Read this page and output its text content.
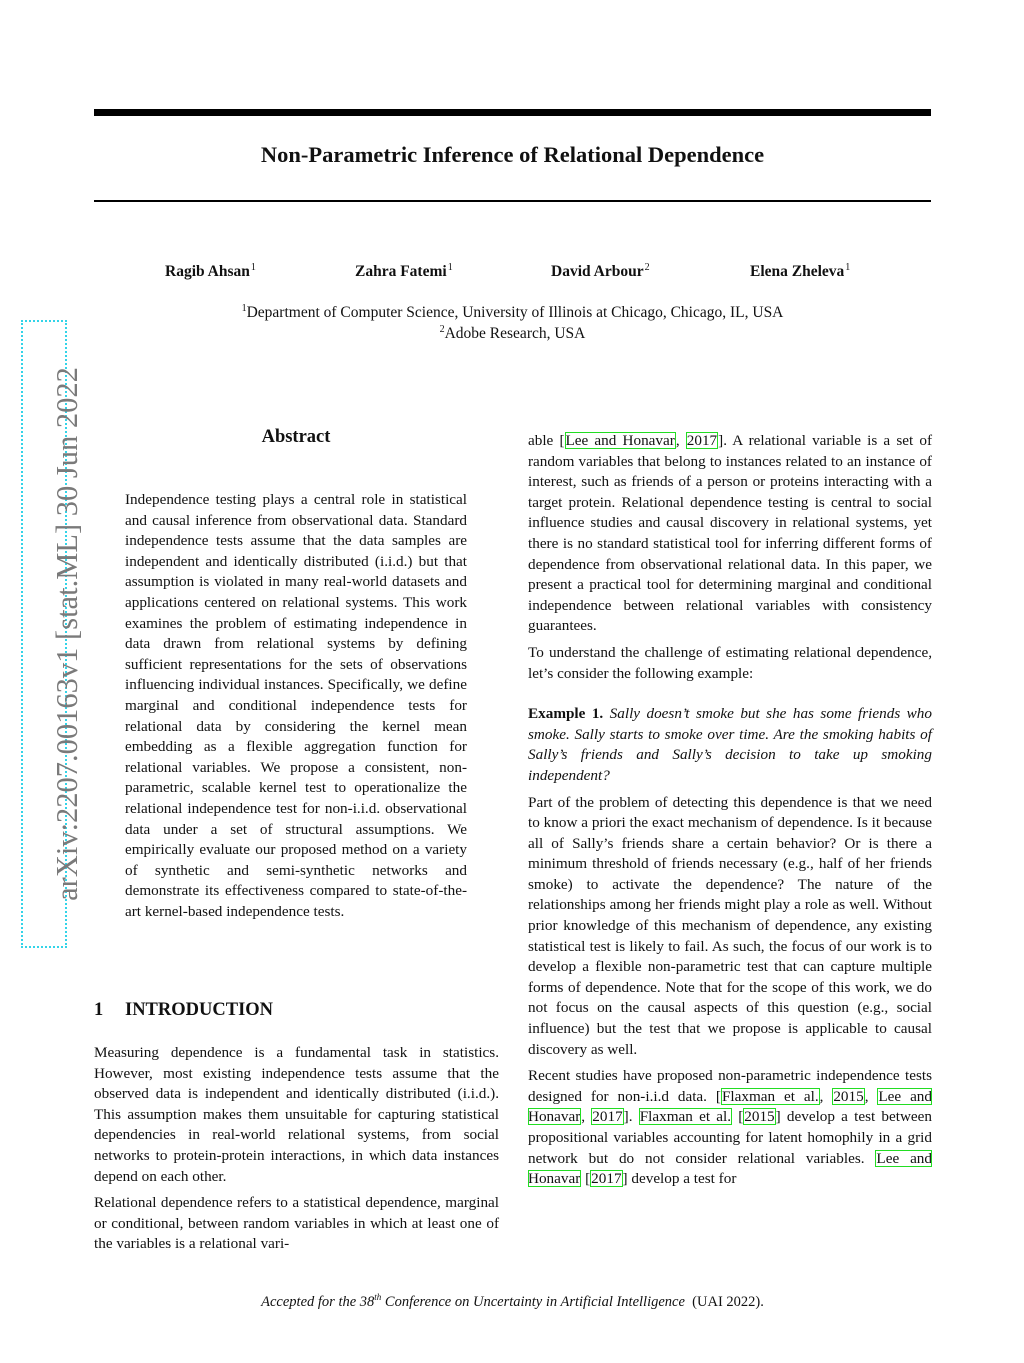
Non-Parametric Inference of Relational Dependence
Ragib Ahsan$^1$	Zahra Fatemi$^1$	David Arbour$^2$	Elena Zheleva$^1$
$^1$Department of Computer Science, University of Illinois at Chicago, Chicago, IL, USA
$^2$Adobe Research, USA
arXiv:2207.00163v1 [stat.ML] 30 Jun 2022	Abstract

Independence testing plays a central role in statistical and causal inference from observational data. Standard independence tests assume that the data samples are independent and identically distributed (i.i.d.) but that assumption is violated in many real-world datasets and applications centered on relational systems. This work examines the problem of estimating independence in data drawn from relational systems by defining sufficient representations for the sets of observations influencing individual instances. Specifically, we define marginal and conditional independence tests for relational data by considering the kernel mean embedding as a flexible aggregation function for relational variables. We propose a consistent, non-parametric, scalable kernel test to operationalize the relational independence test for non-i.i.d. observational data under a set of structural assumptions. We empirically evaluate our proposed method on a variety of synthetic and semi-synthetic networks and demonstrate its effectiveness compared to state-of-the-art kernel-based independence tests.

1 INTRODUCTION

Measuring dependence is a fundamental task in statistics. However, most existing independence tests assume that the observed data is independent and identically distributed (i.i.d.). This assumption makes them unsuitable for capturing statistical dependencies in real-world relational systems, from social networks to protein-protein interactions, in which data instances depend on each other.

Relational dependence refers to a statistical dependence, marginal or conditional, between random variables in which at least one of the variables is a relational vari-

able [Lee and Honavar, 2017]. A relational variable is a set of random variables that belong to instances related to an instance of interest, such as friends of a person or proteins interacting with a target protein. Relational dependence testing is central to social influence studies and causal discovery in relational systems, yet there is no standard statistical tool for inferring different forms of dependence from observational relational data. In this paper, we present a practical tool for determining marginal and conditional independence between relational variables with consistency guarantees.

To understand the challenge of estimating relational dependence, let’s consider the following example:

Example 1. Sally doesn’t smoke but she has some friends who smoke. Sally starts to smoke over time. Are the smoking habits of Sally’s friends and Sally’s decision to take up smoking independent?

Part of the problem of detecting this dependence is that we need to know a priori the exact mechanism of dependence. Is it because all of Sally’s friends share a certain behavior? Or is there a minimum threshold of friends necessary (e.g., half of her friends smoke) to activate the dependence? The nature of the relationships among her friends might play a role as well. Without prior knowledge of this mechanism of dependence, any existing statistical test is likely to fail. As such, the focus of our work is to develop a flexible non-parametric test that can capture multiple forms of dependence. Note that for the scope of this work, we do not focus on the causal aspects of this question (e.g., social influence) but the test that we propose is applicable to causal discovery as well.

Recent studies have proposed non-parametric independence tests designed for non-i.i.d data. [Flaxman et al., 2015, Lee and Honavar, 2017]. Flaxman et al. [2015] develop a test between propositional variables accounting for latent homophily in a grid network but do not consider relational variables. Lee and Honavar [2017] develop a test for

Accepted for the 38th Conference on Uncertainty in Artificial Intelligence (UAI 2022).
